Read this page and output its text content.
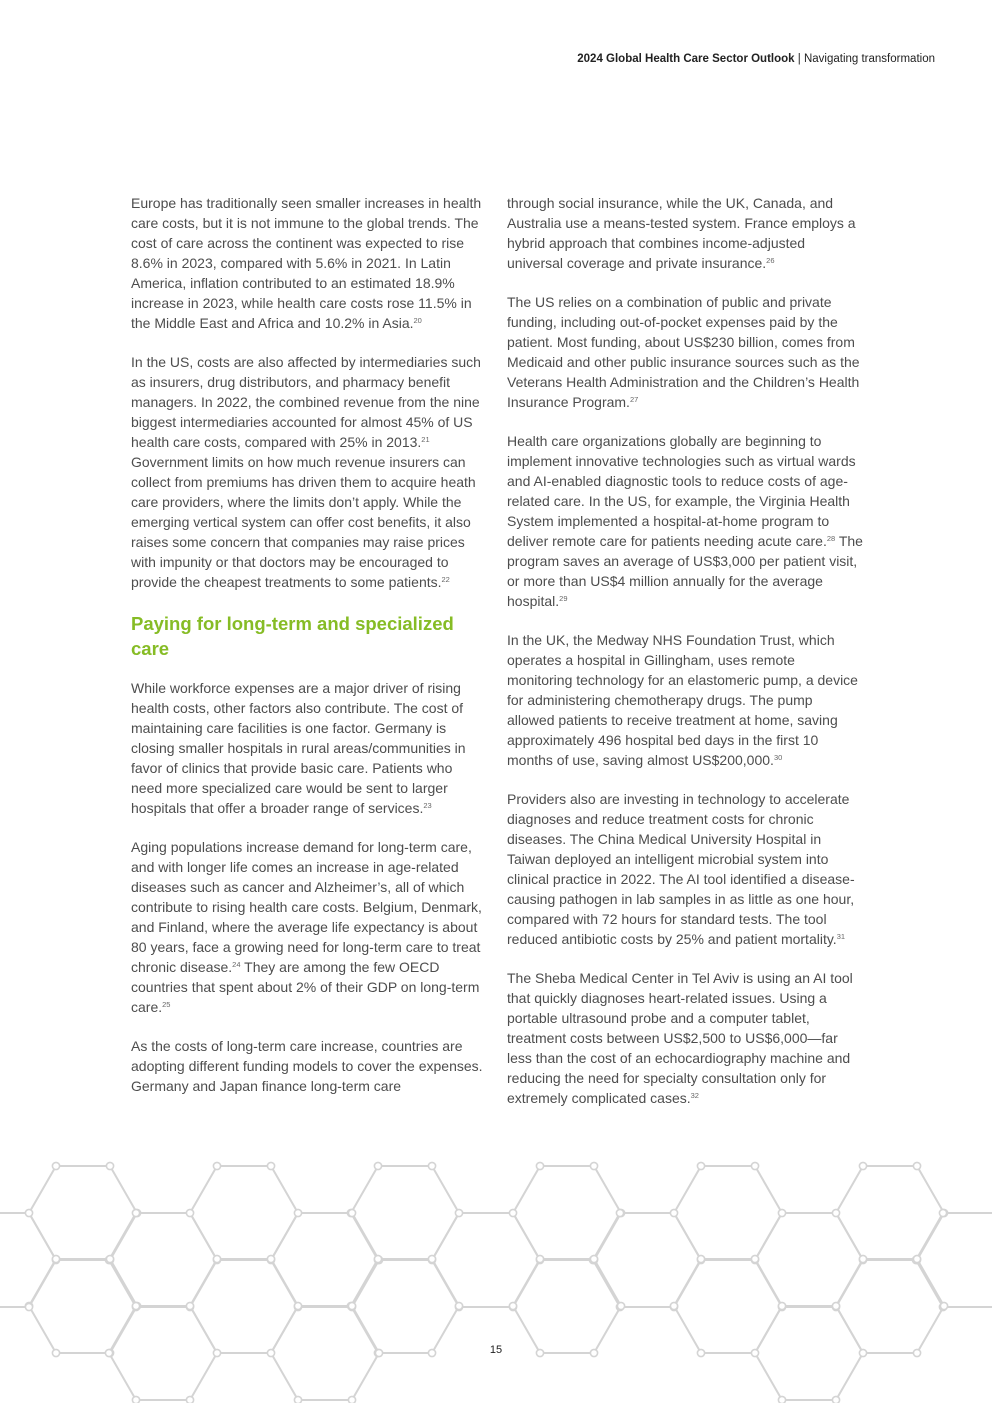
2024 Global Health Care Sector Outlook | Navigating transformation

Europe has traditionally seen smaller increases in health care costs, but it is not immune to the global trends. The cost of care across the continent was expected to rise 8.6% in 2023, compared with 5.6% in 2021. In Latin America, inflation contributed to an estimated 18.9% increase in 2023, while health care costs rose 11.5% in the Middle East and Africa and 10.2% in Asia.$^{20}$

In the US, costs are also affected by intermediaries such as insurers, drug distributors, and pharmacy benefit managers. In 2022, the combined revenue from the nine biggest intermediaries accounted for almost 45% of US health care costs, compared with 25% in 2013.21 Government limits on how much revenue insurers can collect from premiums has driven them to acquire heath care providers, where the limits don’t apply. While the emerging vertical system can offer cost benefits, it also raises some concern that companies may raise prices with impunity or that doctors may be encouraged to provide the cheapest treatments to some patients.$^{22}$

Paying for long-term and specialized care

While workforce expenses are a major driver of rising health costs, other factors also contribute. The cost of maintaining care facilities is one factor. Germany is closing smaller hospitals in rural areas/communities in favor of clinics that provide basic care. Patients who need more specialized care would be sent to larger hospitals that offer a broader range of services.$^{23}$

Aging populations increase demand for long-term care, and with longer life comes an increase in age-related diseases such as cancer and Alzheimer’s, all of which contribute to rising health care costs. Belgium, Denmark, and Finland, where the average life expectancy is about 80 years, face a growing need for long-term care to treat chronic disease.$^{24}$ They are among the few OECD countries that spent about 2% of their GDP on long-term care.$^{25}$

As the costs of long-term care increase, countries are adopting different funding models to cover the expenses. Germany and Japan finance long-term care

through social insurance, while the UK, Canada, and Australia use a means-tested system. France employs a hybrid approach that combines income-adjusted universal coverage and private insurance.$^{26}$

The US relies on a combination of public and private funding, including out-of-pocket expenses paid by the patient. Most funding, about US$230 billion, comes from Medicaid and other public insurance sources such as the Veterans Health Administration and the Children’s Health Insurance Program.$^{27}$

Health care organizations globally are beginning to implement innovative technologies such as virtual wards and AI-enabled diagnostic tools to reduce costs of age-related care. In the US, for example, the Virginia Health System implemented a hospital-at-home program to deliver remote care for patients needing acute care.$^{28}$ The program saves an average of US$3,000 per patient visit, or more than US$4 million annually for the average hospital.$^{29}$

In the UK, the Medway NHS Foundation Trust, which operates a hospital in Gillingham, uses remote monitoring technology for an elastomeric pump, a device for administering chemotherapy drugs. The pump allowed patients to receive treatment at home, saving approximately 496 hospital bed days in the first 10 months of use, saving almost US$200,000.30

Providers also are investing in technology to accelerate diagnoses and reduce treatment costs for chronic diseases. The China Medical University Hospital in Taiwan deployed an intelligent microbial system into clinical practice in 2022. The AI tool identified a disease-causing pathogen in lab samples in as little as one hour, compared with 72 hours for standard tests. The tool reduced antibiotic costs by 25% and patient mortality.$^{31}$

The Sheba Medical Center in Tel Aviv is using an AI tool that quickly diagnoses heart-related issues. Using a portable ultrasound probe and a computer tablet, treatment costs between US$2,500 to US$6,000—far less than the cost of an echocardiography machine and reducing the need for specialty consultation only for extremely complicated cases.$^{32}$

15
